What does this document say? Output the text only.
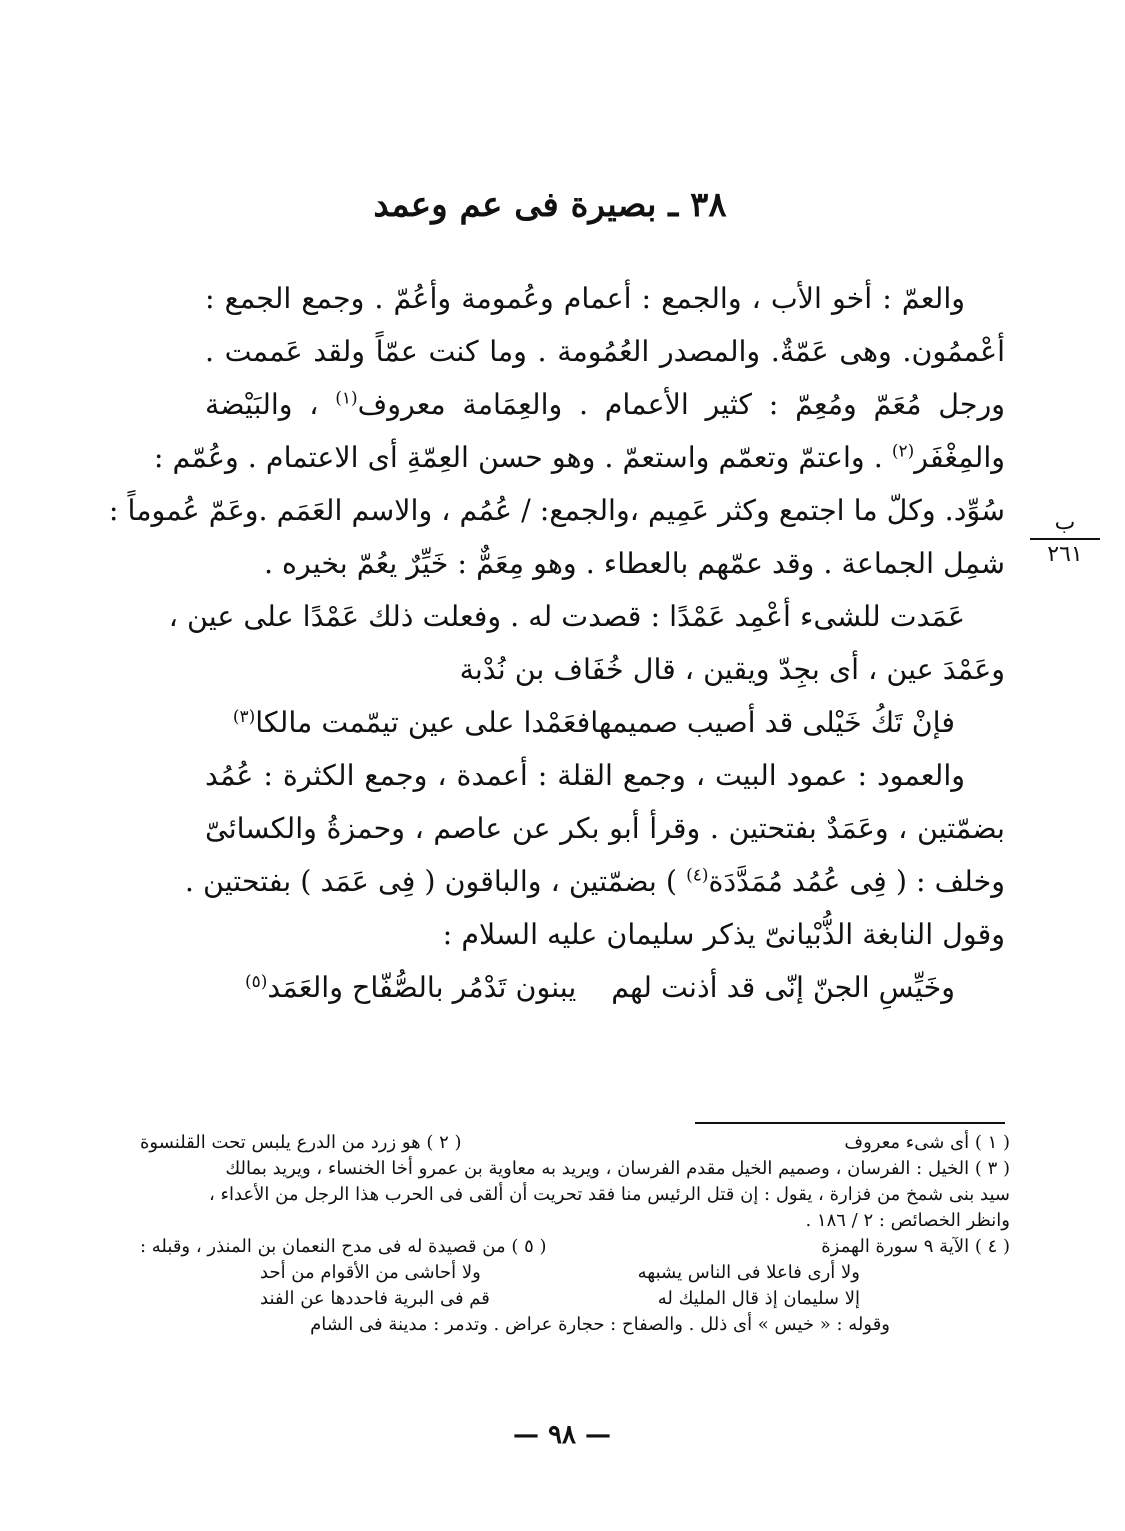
٣٨ ـ بصيرة فى عم وعمد
ب
٢٦١
والعمّ : أخو الأب ، والجمع : أعمام وعُمومة وأعُمّ . وجمع الجمع :
أعْممُون. وهى عَمّةٌ. والمصدر العُمُومة . وما كنت عمّاً ولقد عَممت .
ورجل مُعَمّ ومُعِمّ : كثير الأعمام . والعِمَامة معروف$^{(١)}$ ، والبَيْضة
والمِغْفَر$^{(٢)}$ . واعتمّ وتعمّم واستعمّ . وهو حسن العِمّةِ أى الاعتمام . وعُمّم :
سُوِّد. وكلّ ما اجتمع وكثر عَمِيم ،والجمع: / عُمُم ، والاسم العَمَم .وعَمّ عُموماً :
شمِل الجماعة . وقد عمّهم بالعطاء . وهو مِعَمٌّ : خَيِّرٌ يعُمّ بخيره .
عَمَدت للشىء أعْمِد عَمْدًا : قصدت له . وفعلت ذلك عَمْدًا على عين ،
وعَمْدَ عين ، أى بجِدّ ويقين ، قال خُفَاف بن نُدْبة
فإنْ تَكُ خَيْلى قد أصيب صميمها
فعَمْدا على عين تيمّمت مالكا(٣)
والعمود : عمود البيت ، وجمع القلة : أعمدة ، وجمع الكثرة : عُمُد
بضمّتين ، وعَمَدٌ بفتحتين . وقرأ أبو بكر عن عاصم ، وحمزةُ والكسائىّ
وخلف : ( فِى عُمُد مُمَدَّدَة$^{(٤)}$ ) بضمّتين ، والباقون ( فِى عَمَد ) بفتحتين .
وقول النابغة الذُّبْيانىّ يذكر سليمان عليه السلام :
وخَيِّسِ الجنّ إنّى قد أذنت لهم
يبنون تَدْمُر بالصُّفّاح والعَمَد(٥)
( ١ ) أى شىء معروف
( ٢ ) هو زرد من الدرع يلبس تحت القلنسوة
( ٣ ) الخيل : الفرسان ، وصميم الخيل مقدم الفرسان ، ويريد به معاوية بن عمرو أخا الخنساء ، ويريد بمالك
سيد بنى شمخ من فزارة ، يقول : إن قتل الرئيس منا فقد تحريت أن ألقى فى الحرب هذا الرجل من الأعداء ،
وانظر الخصائص : ٢ / ١٨٦ .
( ٤ ) الآية ٩ سورة الهمزة
( ٥ ) من قصيدة له فى مدح النعمان بن المنذر ، وقبله :
ولا أرى فاعلا فى الناس يشبهه
ولا أحاشى من الأقوام من أحد
إلا سليمان إذ قال المليك له
قم فى البرية فاحددها عن الفند
وقوله : « خيس » أى ذلل . والصفاح : حجارة عراض . وتدمر : مدينة فى الشام
— ٩٨ —
